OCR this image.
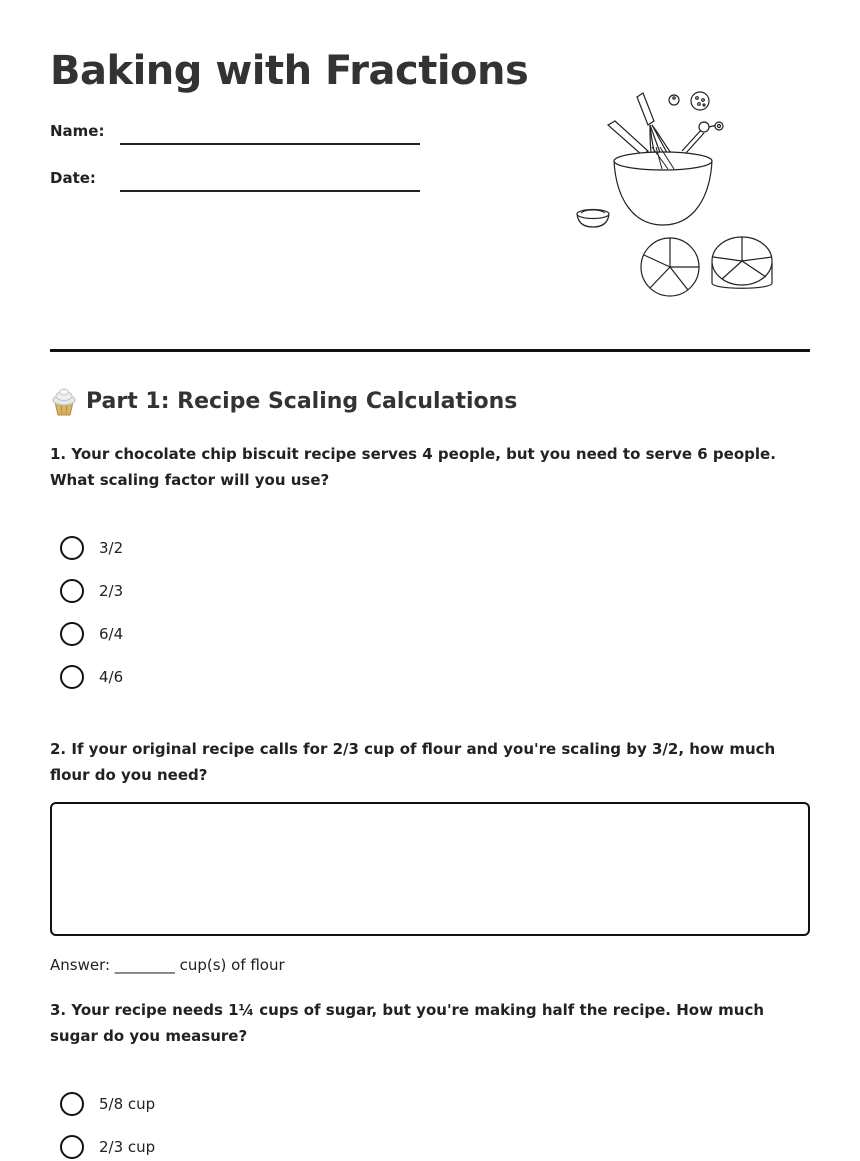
Baking with Fractions
Name:
Date:
Part 1: Recipe Scaling Calculations

1. Your chocolate chip biscuit recipe serves 4 people, but you need to serve 6 people. What scaling factor will you use?

3/2
2/3
6/4
4/6

2. If your original recipe calls for 2/3 cup of flour and you're scaling by 3/2, how much flour do you need?

Answer: ________ cup(s) of flour

3. Your recipe needs 1¼ cups of sugar, but you're making half the recipe. How much sugar do you measure?

5/8 cup
2/3 cup
